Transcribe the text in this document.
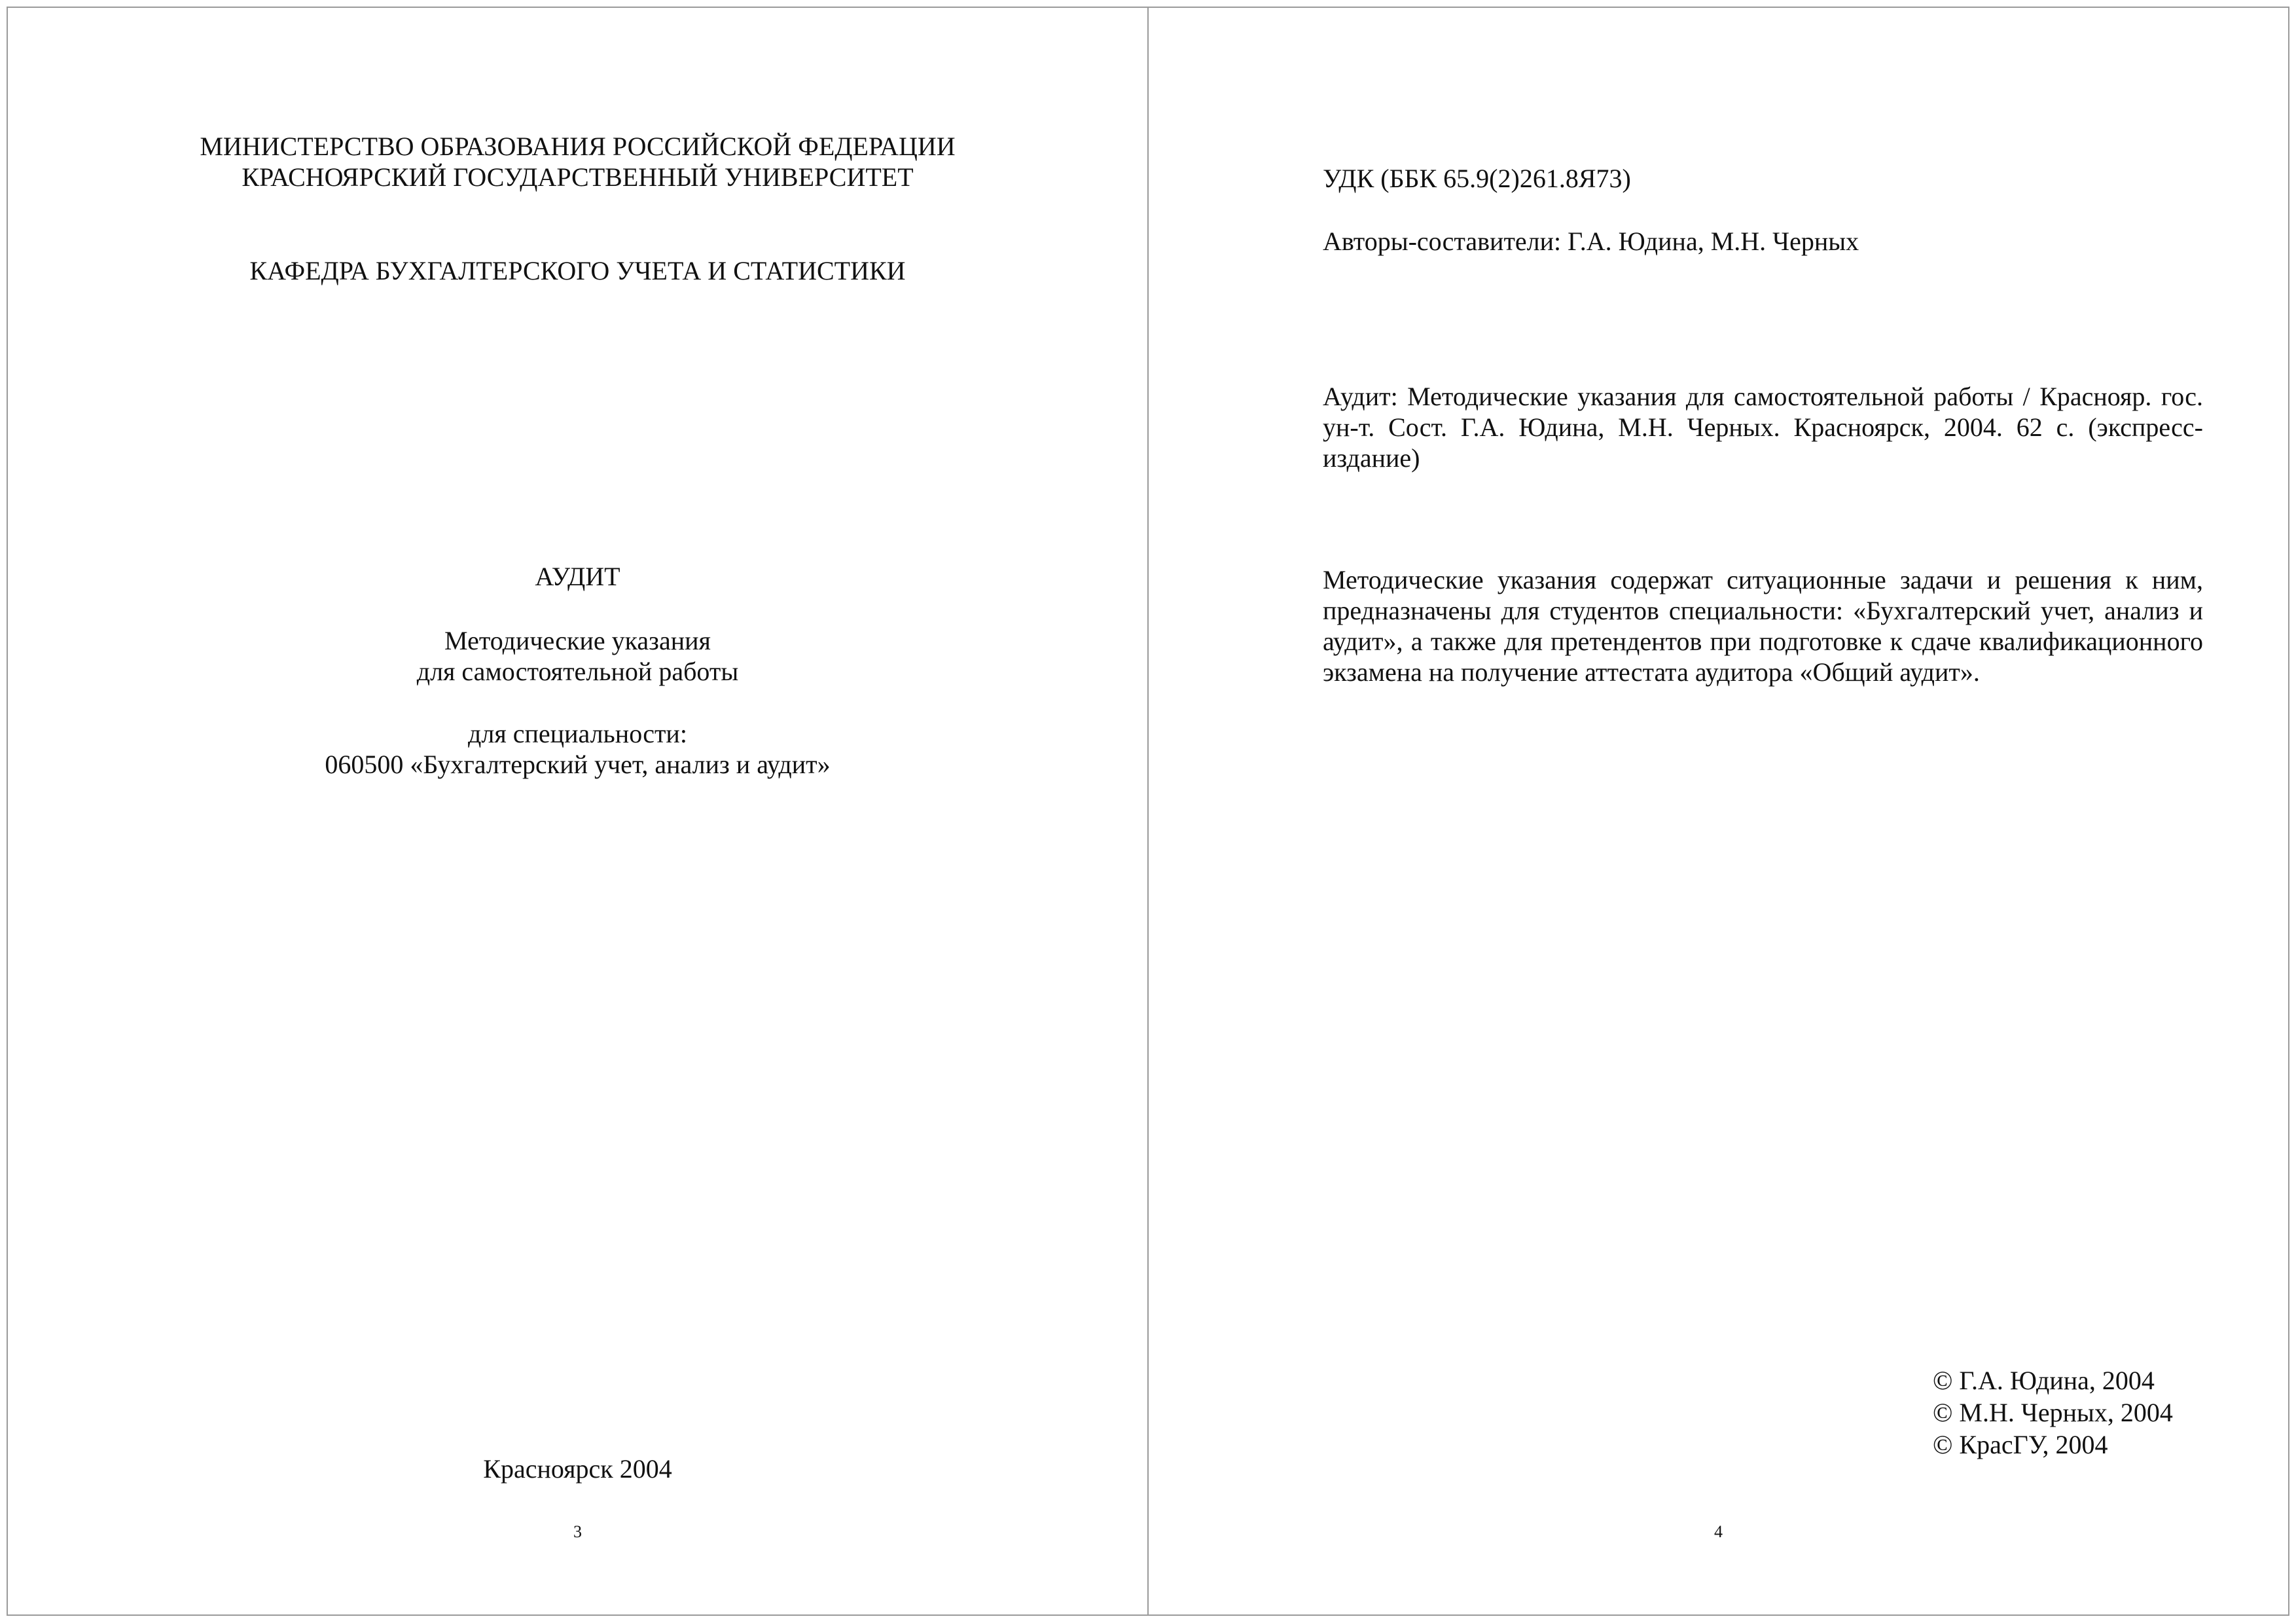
МИНИСТЕРСТВО ОБРАЗОВАНИЯ РОССИЙСКОЙ ФЕДЕРАЦИИ
КРАСНОЯРСКИЙ ГОСУДАРСТВЕННЫЙ УНИВЕРСИТЕТ
КАФЕДРА БУХГАЛТЕРСКОГО УЧЕТА И СТАТИСТИКИ
АУДИТ
Методические указания
для самостоятельной работы
для специальности:
060500 «Бухгалтерский учет, анализ и аудит»
Красноярск 2004
3
УДК (ББК 65.9(2)261.8Я73)
Авторы-составители: Г.А. Юдина, М.Н. Черных
Аудит: Методические указания для самостоятельной работы / Краснояр. гос. ун-т. Сост. Г.А. Юдина, М.Н. Черных. Красноярск, 2004. 62 с. (экспресс-издание)
Методические указания содержат ситуационные задачи и решения к ним, предназначены для студентов специальности: «Бухгалтерский учет, анализ и аудит», а также для претендентов при подготовке к сдаче квалификационного экзамена на получение аттестата аудитора «Общий аудит».
© Г.А. Юдина, 2004
© М.Н. Черных, 2004
© КрасГУ, 2004
4
